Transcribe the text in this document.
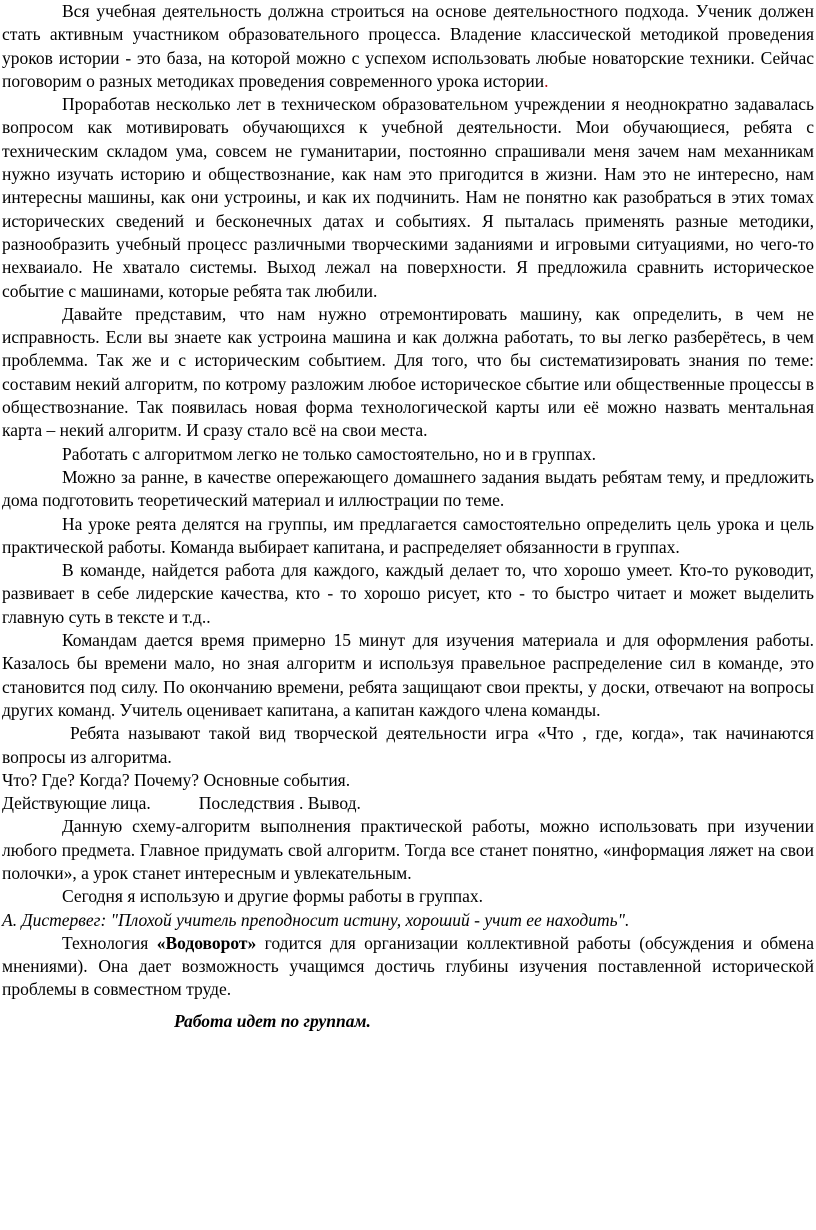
Вся учебная деятельность должна строиться на основе деятельностного подхода. Ученик должен стать активным участником образовательного процесса. Владение классической методикой проведения уроков истории - это база, на которой можно с успехом использовать любые новаторские техники. Сейчас поговорим о разных методиках проведения современного урока истории.

Проработав несколько лет в техническом образовательном учреждении я неоднократно задавалась вопросом как мотивировать обучающихся к учебной деятельности. Мои обучающиеся, ребята с техническим складом ума, совсем не гуманитарии, постоянно спрашивали меня зачем нам механникам нужно изучать историю и обществознание, как нам это пригодится в жизни. Нам это не интересно, нам интересны машины, как они устроины, и как их подчинить. Нам не понятно как разобраться в этих томах исторических сведений и бесконечных датах и событиях. Я пыталась применять разные методики, разнообразить учебный процесс различными творческими заданиями и игровыми ситуациями, но чего-то нехваиало. Не хватало системы. Выход лежал на поверхности. Я предложила сравнить историческое событие с машинами, которые ребята так любили.

Давайте представим, что нам нужно отремонтировать машину, как определить, в чем не исправность. Если вы знаете как устроина машина и как должна работать, то вы легко разберётесь, в чем проблемма. Так же и с историческим событием. Для того, что бы систематизировать знания по теме: составим некий алгоритм, по котрому разложим любое историческое сбытие или общественные процессы в обществознание. Так появилась новая форма технологической карты или её можно назвать ментальная карта – некий алгоритм. И сразу стало всё на свои места.

Работать с алгоритмом легко не только самостоятельно, но и в группах.

Можно за ранне, в качестве опережающего домашнего задания выдать ребятам тему, и предложить дома подготовить теоретический материал и иллюстрации по теме.

На уроке реята делятся на группы, им предлагается самостоятельно определить цель урока и цель практической работы. Команда выбирает капитана, и распределяет обязанности в группах.

В команде, найдется работа для каждого, каждый делает то, что хорошо умеет. Кто-то руководит, развивает в себе лидерские качества, кто - то хорошо рисует, кто - то быстро читает и может выделить главную суть в тексте и т.д..

Командам дается время примерно 15 минут для изучения материала и для оформления работы. Казалось бы времени мало, но зная алгоритм и используя правельное распределение сил в команде, это становится под силу. По окончанию времени, ребята защищают свои пректы, у доски, отвечают на вопросы других команд. Учитель оценивает капитана, а капитан каждого члена команды.

Ребята называют такой вид творческой деятельности игра «Что , где, когда», так начинаются вопросы из алгоритма.

Что? Где? Когда? Почему? Основные события.

Действующие лица.	Последствия . Вывод.

Данную схему-алгоритм выполнения практической работы, можно использовать при изучении любого предмета. Главное придумать свой алгоритм. Тогда все станет понятно, «информация ляжет на свои полочки», а урок станет интересным и увлекательным.

Сегодня я использую и другие формы работы в группах.

А. Дистервег: "Плохой учитель преподносит истину, хороший - учит ее находить".

Технология «Водоворот» годится для организации коллективной работы (обсуждения и обмена мнениями). Она дает возможность учащимся достичь глубины изучения поставленной исторической проблемы в совместном труде.

Работа идет по группам.
